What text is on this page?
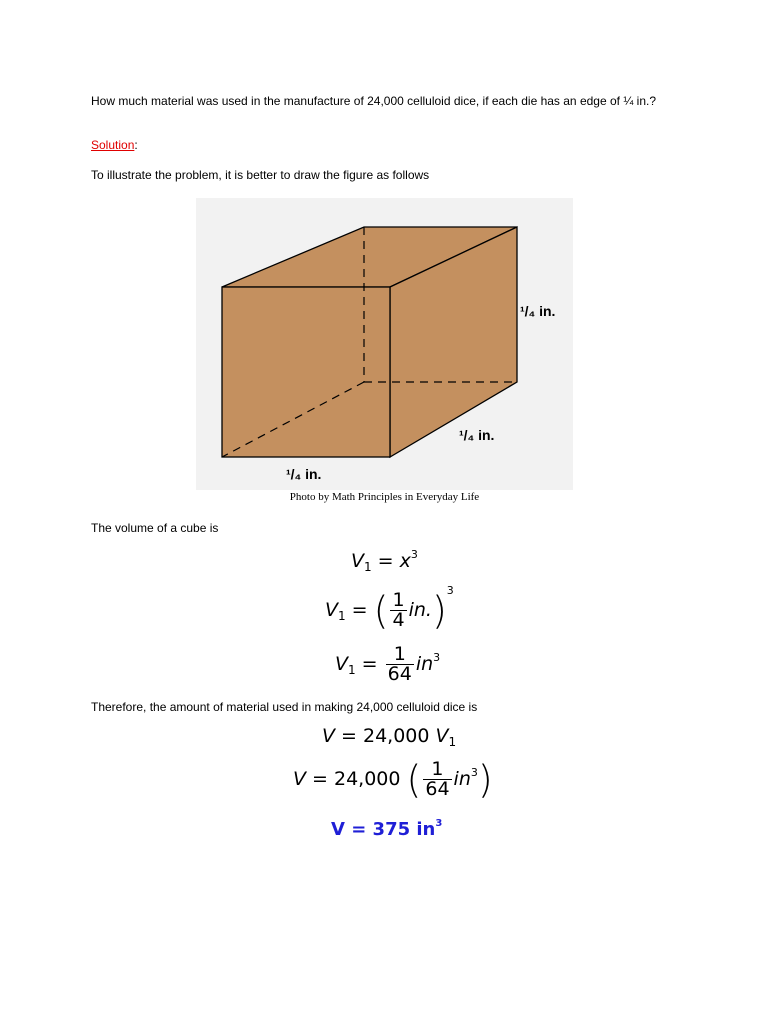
How much material was used in the manufacture of 24,000 celluloid dice, if each die has an edge of ¼ in.?

Solution:

To illustrate the problem, it is better to draw the figure as follows

¹/₄ in.
¹/₄ in.
¹/₄ in.
Photo by Math Principles in Everyday Life

The volume of a cube is

$V_1 = x^3$
$V_1$ = ( $\frac{1}{4} in.)^3$
$V_1 = \frac{1}{64} in^3$

Therefore, the amount of material used in making 24,000 celluloid dice is

V = 24,000 $V_1$
V = 24,000 ( $\frac{1}{64} in^3$)
V = 375 $in^3$
